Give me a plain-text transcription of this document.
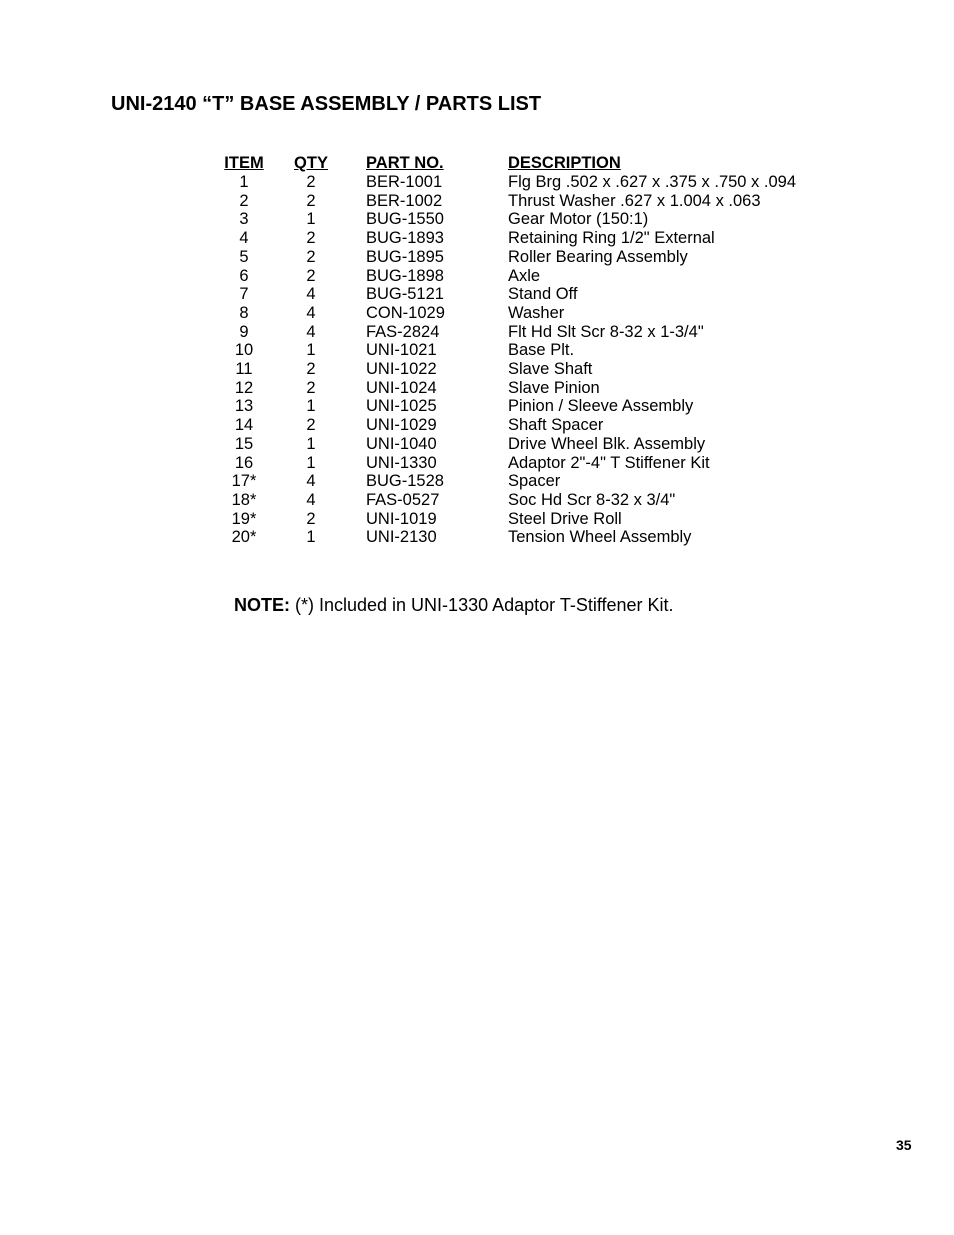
UNI-2140 “T” BASE ASSEMBLY / PARTS LIST
ITEM	QTY	PART NO.	DESCRIPTION
1	2	BER-1001	Flg Brg .502 x .627 x .375 x .750 x .094
2	2	BER-1002	Thrust Washer .627 x 1.004 x .063
3	1	BUG-1550	Gear Motor (150:1)
4	2	BUG-1893	Retaining Ring 1/2" External
5	2	BUG-1895	Roller Bearing Assembly
6	2	BUG-1898	Axle
7	4	BUG-5121	Stand Off
8	4	CON-1029	Washer
9	4	FAS-2824	Flt Hd Slt Scr 8-32 x 1-3/4"
10	1	UNI-1021	Base Plt.
11	2	UNI-1022	Slave Shaft
12	2	UNI-1024	Slave Pinion
13	1	UNI-1025	Pinion / Sleeve Assembly
14	2	UNI-1029	Shaft Spacer
15	1	UNI-1040	Drive Wheel Blk. Assembly
16	1	UNI-1330	Adaptor 2"-4" T Stiffener Kit
17*	4	BUG-1528	Spacer
18*	4	FAS-0527	Soc Hd Scr 8-32 x 3/4"
19*	2	UNI-1019	Steel Drive Roll
20*	1	UNI-2130	Tension Wheel Assembly
NOTE: (*) Included in UNI-1330 Adaptor T-Stiffener Kit.
35
